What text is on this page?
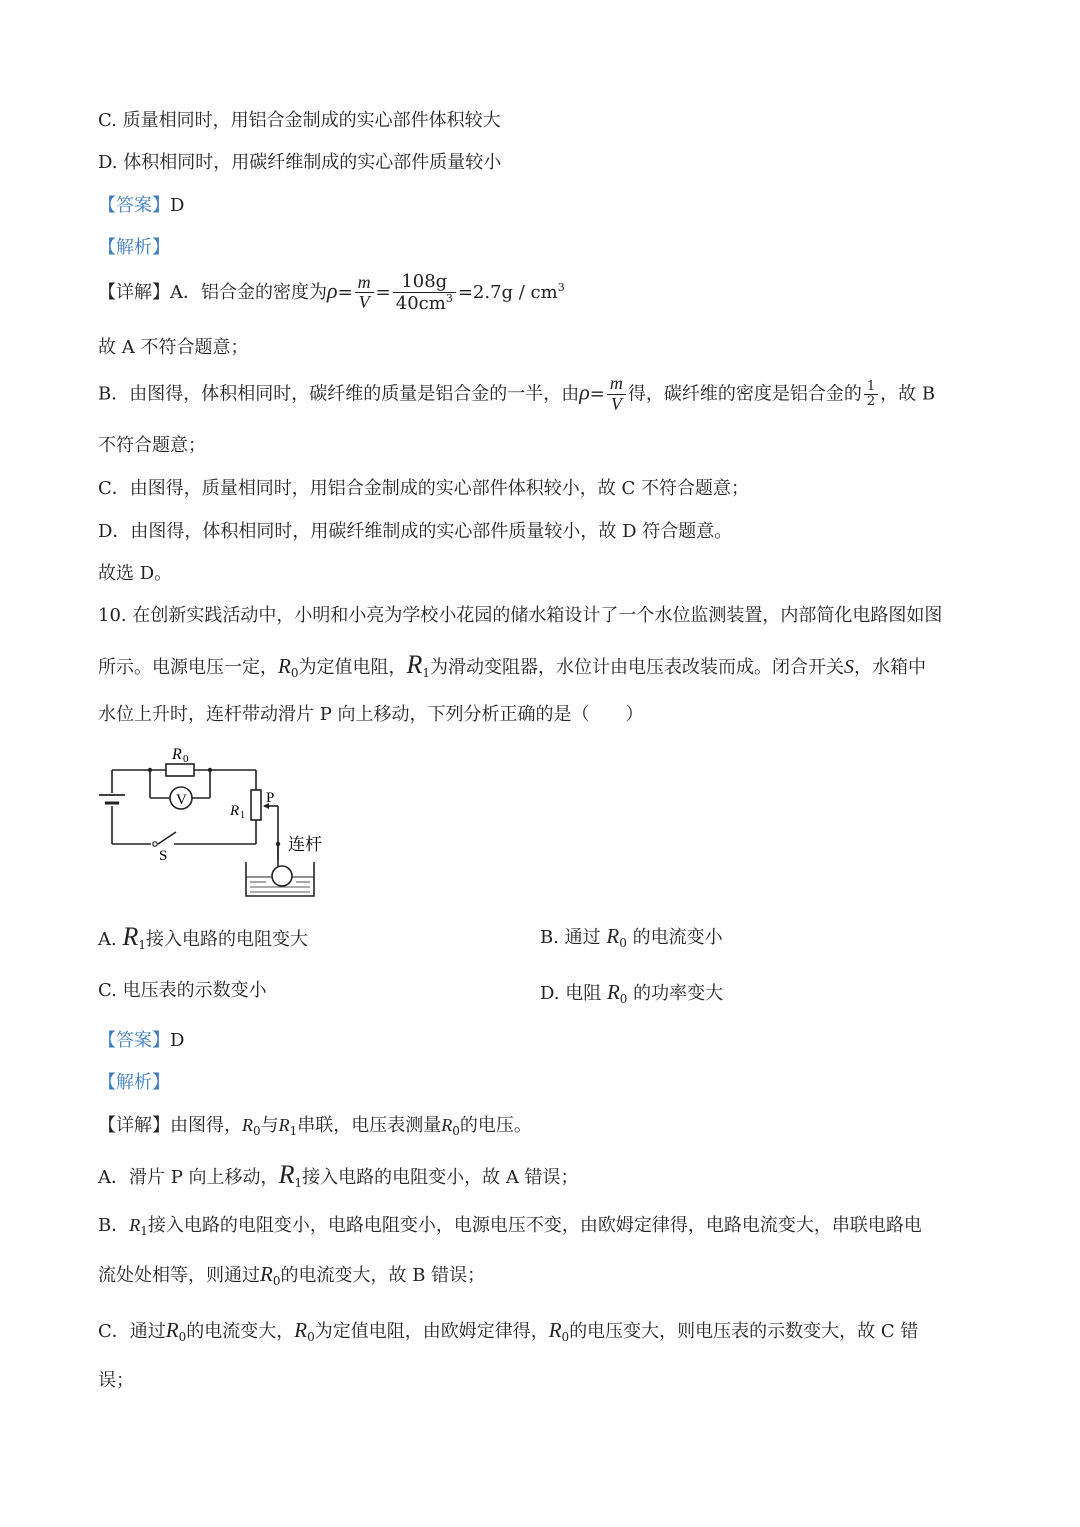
C. 质量相同时，用铝合金制成的实心部件体积较大
D. 体积相同时，用碳纤维制成的实心部件质量较小
【答案】D
【解析】
【详解】A．铝合金的密度为$\rho= \frac{m}{V} = \frac{108g}{40cm^3} =2.7g / cm^3$
故 A 不符合题意；
B．由图得，体积相同时，碳纤维的质量是铝合金的一半，由$\rho= \frac{m}{V}$ 得，碳纤维的密度是铝合金的 $\frac{1}{2}$ ，故 B
不符合题意；
C．由图得，质量相同时，用铝合金制成的实心部件体积较小，故 C 不符合题意；
D．由图得，体积相同时，用碳纤维制成的实心部件质量较小，故 D 符合题意。
故选 D。
10. 在创新实践活动中，小明和小亮为学校小花园的储水箱设计了一个水位监测装置，内部简化电路图如图
所示。电源电压一定，$R_0$为定值电阻，$R_1$为滑动变阻器，水位计由电压表改装而成。闭合开关S，水箱中
水位上升时，连杆带动滑片 P 向上移动，下列分析正确的是（　　）
R 0
V
R 1
P
S
连杆
A. $R_1$接入电路的电阻变大	B. 通过 $R_0$ 的电流变小
C. 电压表的示数变小	D. 电阻 $R_0$ 的功率变大
【答案】D
【解析】
【详解】由图得，$R_0$与$R_1$串联，电压表测量$R_0$的电压。
A．滑片 P 向上移动，$R_1$接入电路的电阻变小，故 A 错误；
B．$R_1$接入电路的电阻变小，电路电阻变小，电源电压不变，由欧姆定律得，电路电流变大，串联电路电
流处处相等，则通过$R_0$的电流变大，故 B 错误；
C．通过$R_0$的电流变大，$R_0$为定值电阻，由欧姆定律得，$R_0$的电压变大，则电压表的示数变大，故 C 错
误；
